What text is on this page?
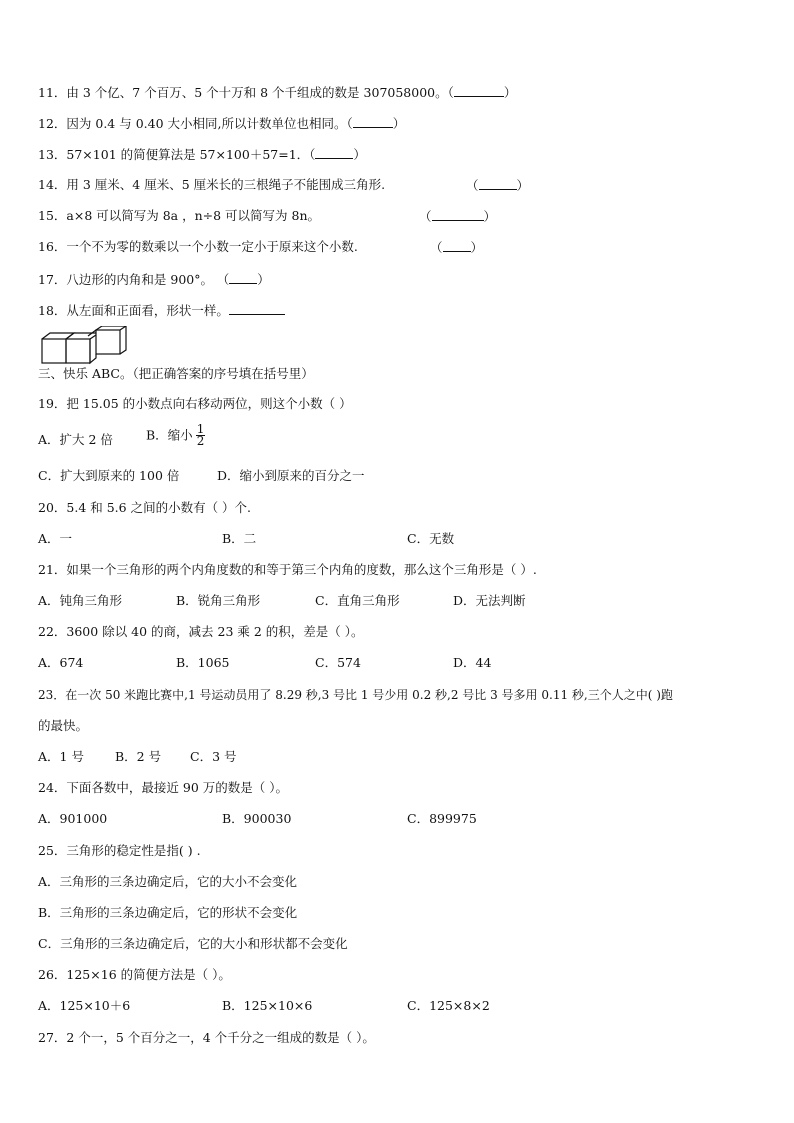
11．由 3 个亿、7 个百万、5 个十万和 8 个千组成的数是 307058000。（	）
12．因为 0.4 与 0.40 大小相同,所以计数单位也相同。（	）
13．57×101 的简便算法是 57×100＋57=1．（	）
14．用 3 厘米、4 厘米、5 厘米长的三根绳子不能围成三角形.	（	）
15．a×8 可以简写为 8a ，n÷8 可以简写为 8n。	（	）
16．一个不为零的数乘以一个小数一定小于原来这个小数.	（ ）
17．八边形的内角和是 900°。 （ ）
18．从左面和正面看，形状一样。
三、快乐 ABC。（把正确答案的序号填在括号里）
19．把 15.05 的小数点向右移动两位，则这个小数（ ）
A．扩大 2 倍	B．缩小 $\frac{1}{2}$
C．扩大到原来的 100 倍	D．缩小到原来的百分之一
20．5.4 和 5.6 之间的小数有（ ）个.
A．一	B．二	C．无数
21．如果一个三角形的两个内角度数的和等于第三个内角的度数，那么这个三角形是（ ）.
A．钝角三角形	B．锐角三角形	C．直角三角形	D．无法判断
22．3600 除以 40 的商，减去 23 乘 2 的积，差是（ ）。
A．674	B．1065	C．574	D．44
23．在一次 50 米跑比赛中,1 号运动员用了 8.29 秒,3 号比 1 号少用 0.2 秒,2 号比 3 号多用 0.11 秒,三个人之中( )跑
的最快。
A．1 号 B．2 号 C．3 号
24．下面各数中，最接近 90 万的数是（ ）。
A．901000	B．900030	C．899975
25．三角形的稳定性是指( ) .
A．三角形的三条边确定后，它的大小不会变化
B．三角形的三条边确定后，它的形状不会变化
C．三角形的三条边确定后，它的大小和形状都不会变化
26．125×16 的简便方法是（ ）。
A．125×10＋6	B．125×10×6	C．125×8×2
27．2 个一，5 个百分之一，4 个千分之一组成的数是（ ）。
